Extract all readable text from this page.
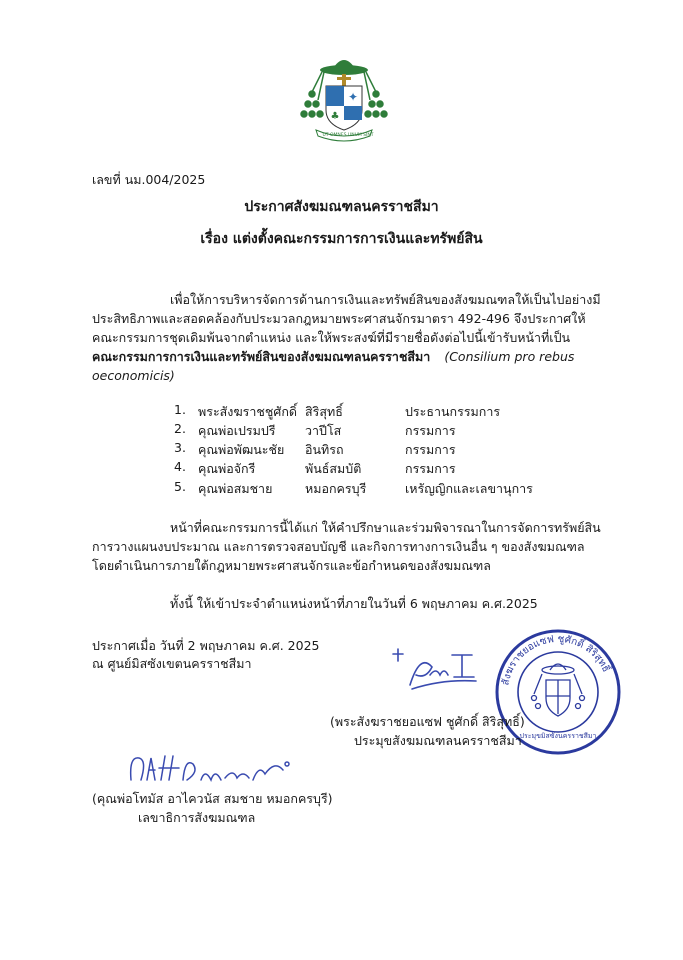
✦
♣
UT OMNES UNUM SINT
เลขที่ นม.004/2025
ประกาศสังฆมณฑลนครราชสีมา
เรื่อง แต่งตั้งคณะกรรมการการเงินและทรัพย์สิน
เพื่อให้การบริหารจัดการด้านการเงินและทรัพย์สินของสังฆมณฑลให้เป็นไปอย่างมี
ประสิทธิภาพและสอดคล้องกับประมวลกฎหมายพระศาสนจักรมาตรา 492-496 จึงประกาศให้
คณะกรรมการชุดเดิมพ้นจากตำแหน่ง และให้พระสงฆ์ที่มีรายชื่อดังต่อไปนี้เข้ารับหน้าที่เป็น
คณะกรรมการการเงินและทรัพย์สินของสังฆมณฑลนครราชสีมา (Consilium pro rebus
oeconomicis)
1. พระสังฆราชชูศักดิ์ สิริสุทธิ์	ประธานกรรมการ
2. คุณพ่อเปรมปรี วาปีโส	กรรมการ
3. คุณพ่อพัฒนะชัย อินทิรถ	กรรมการ
4. คุณพ่อจักรี	พันธ์สมบัติ	กรรมการ
5. คุณพ่อสมชาย	หมอกครบุรี	เหรัญญิกและเลขานุการ
หน้าที่คณะกรรมการนี้ได้แก่ ให้คำปรึกษาและร่วมพิจารณาในการจัดการทรัพย์สิน
การวางแผนงบประมาณ และการตรวจสอบบัญชี และกิจการทางการเงินอื่น ๆ ของสังฆมณฑล
โดยดำเนินการภายใต้กฎหมายพระศาสนจักรและข้อกำหนดของสังฆมณฑล
ทั้งนี้ ให้เข้าประจำตำแหน่งหน้าที่ภายในวันที่ 6 พฤษภาคม ค.ศ.2025
ประกาศเมื่อ วันที่ 2 พฤษภาคม ค.ศ. 2025
ณ ศูนย์มิสซังเขตนครราชสีมา
สังฆราชยอแซฟ ชูศักดิ์ สิริสุทธิ์
ประมุขมิสซังนครราชสีมา
(พระสังฆราชยอแซฟ ชูศักดิ์ สิริสุทธิ์)
ประมุขสังฆมณฑลนครราชสีมา
(คุณพ่อโทมัส อาไควนัส สมชาย หมอกครบุรี)
เลขาธิการสังฆมณฑล
